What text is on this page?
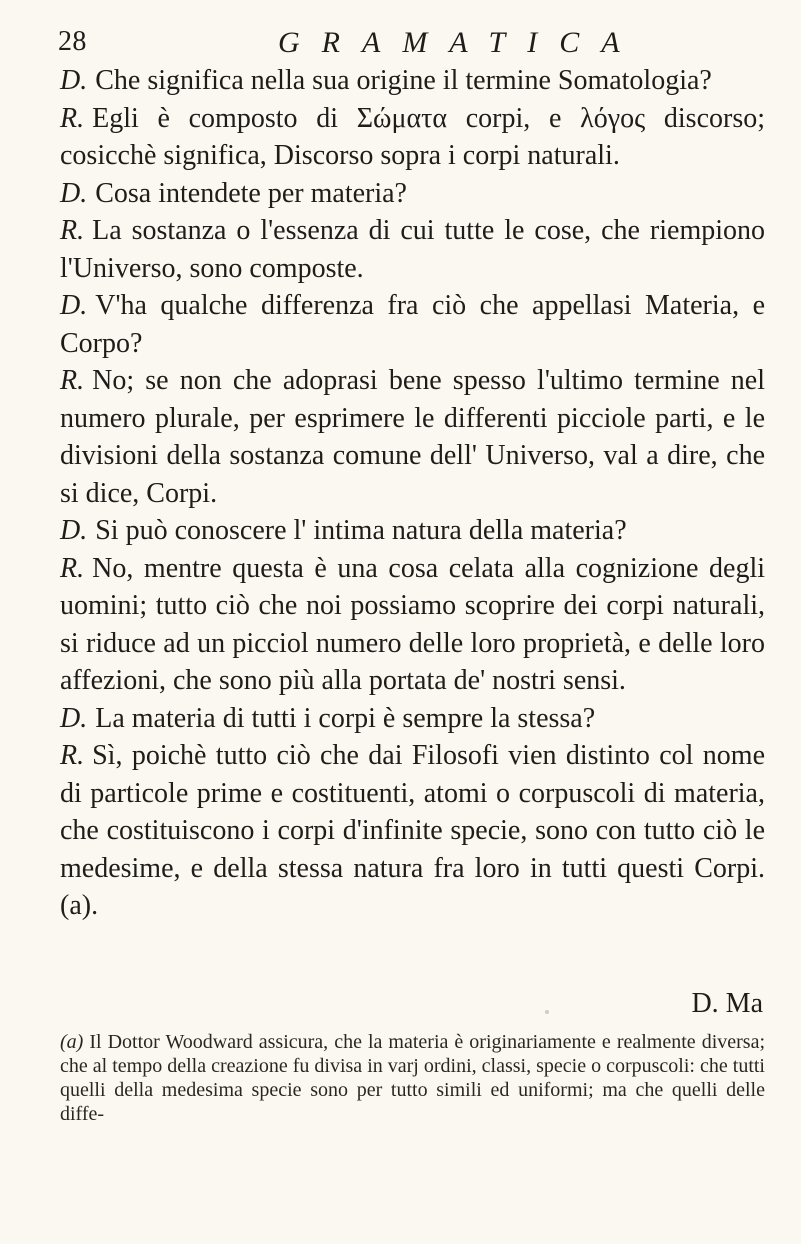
28	GRAMATICA

D. Che significa nella sua origine il termine Somatologia?

R. Egli è composto di Σώματα corpi, e λόγος discorso; cosicchè significa, Discorso sopra i corpi naturali.

D. Cosa intendete per materia?

R. La sostanza o l'essenza di cui tutte le cose, che riempiono l'Universo, sono composte.

D. V'ha qualche differenza fra ciò che appellasi Materia, e Corpo?

R. No; se non che adoprasi bene spesso l'ultimo termine nel numero plurale, per esprimere le differenti picciole parti, e le divisioni della sostanza comune dell' Universo, val a dire, che si dice, Corpi.

D. Si può conoscere l' intima natura della materia?

R. No, mentre questa è una cosa celata alla cognizione degli uomini; tutto ciò che noi possiamo scoprire dei corpi naturali, si riduce ad un picciol numero delle loro proprietà, e delle loro affezioni, che sono più alla portata de' nostri sensi.

D. La materia di tutti i corpi è sempre la stessa?

R. Sì, poichè tutto ciò che dai Filosofi vien distinto col nome di particole prime e costituenti, atomi o corpuscoli di materia, che costituiscono i corpi d'infinite specie, sono con tutto ciò le medesime, e della stessa natura fra loro in tutti questi Corpi. (a).

D. Ma
(a) Il Dottor Woodward assicura, che la materia è originariamente e realmente diversa; che al tempo della creazione fu divisa in varj ordini, classi, specie o corpuscoli: che tutti quelli della medesima specie sono per tutto simili ed uniformi; ma che quelli delle diffe-
